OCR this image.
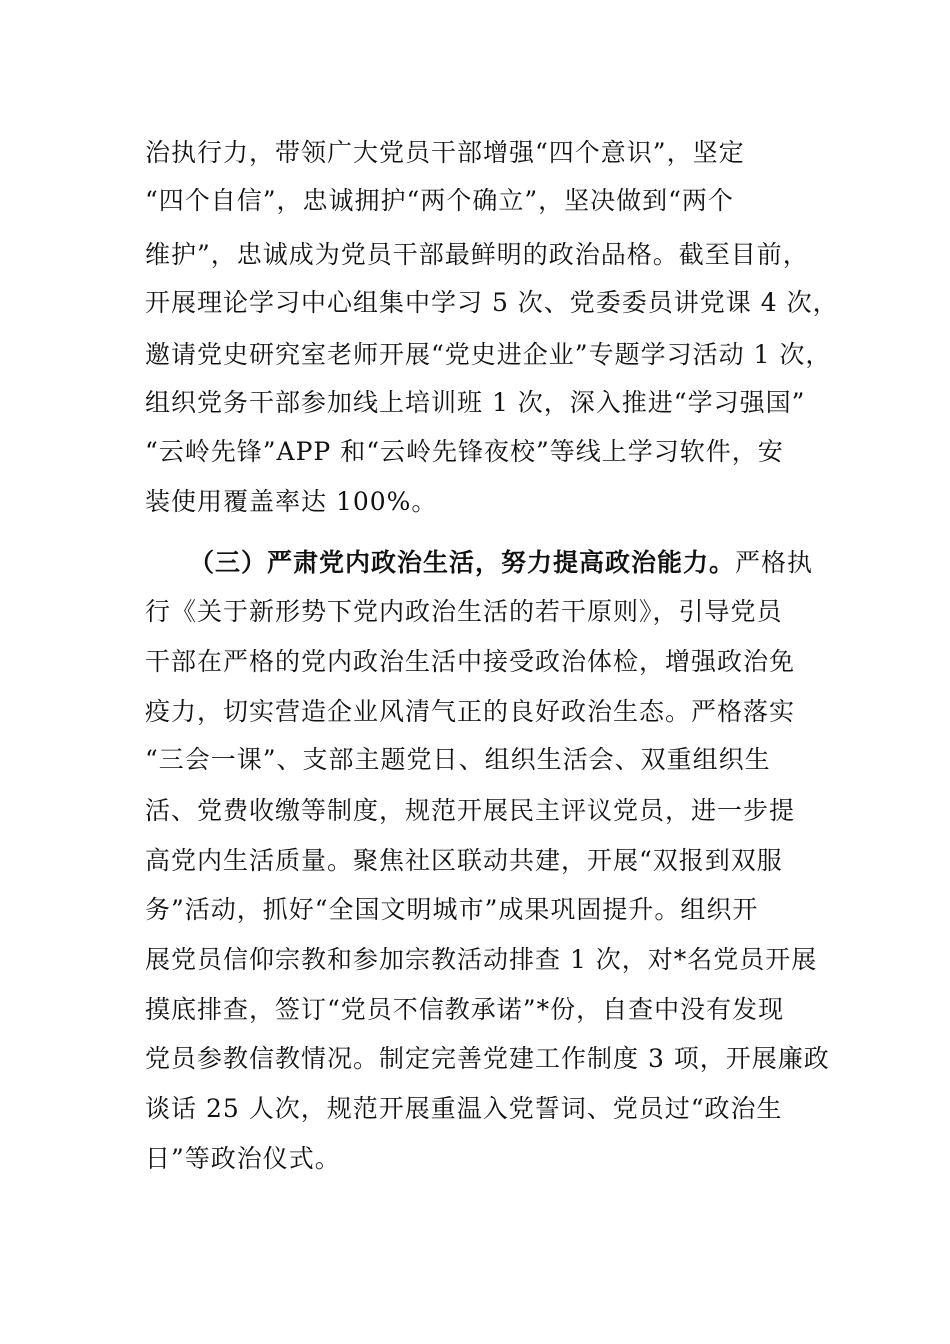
治执行力，带领广大党员干部增强“四个意识”，坚定
“四个自信”，忠诚拥护“两个确立”，坚决做到“两个
维护”，忠诚成为党员干部最鲜明的政治品格。截至目前，
开展理论学习中心组集中学习 5 次、党委委员讲党课 4 次，
邀请党史研究室老师开展“党史进企业”专题学习活动 1 次，
组织党务干部参加线上培训班 1 次，深入推进“学习强国”
“云岭先锋”APP 和“云岭先锋夜校”等线上学习软件，安
装使用覆盖率达 100%。
（三）严肃党内政治生活，努力提高政治能力。严格执
行《关于新形势下党内政治生活的若干原则》，引导党员
干部在严格的党内政治生活中接受政治体检，增强政治免
疫力，切实营造企业风清气正的良好政治生态。严格落实
“三会一课”、支部主题党日、组织生活会、双重组织生
活、党费收缴等制度，规范开展民主评议党员，进一步提
高党内生活质量。聚焦社区联动共建，开展“双报到双服
务”活动，抓好“全国文明城市”成果巩固提升。组织开
展党员信仰宗教和参加宗教活动排查 1 次，对*名党员开展
摸底排查，签订“党员不信教承诺”*份，自查中没有发现
党员参教信教情况。制定完善党建工作制度 3 项，开展廉政
谈话 25 人次，规范开展重温入党誓词、党员过“政治生
日”等政治仪式。
